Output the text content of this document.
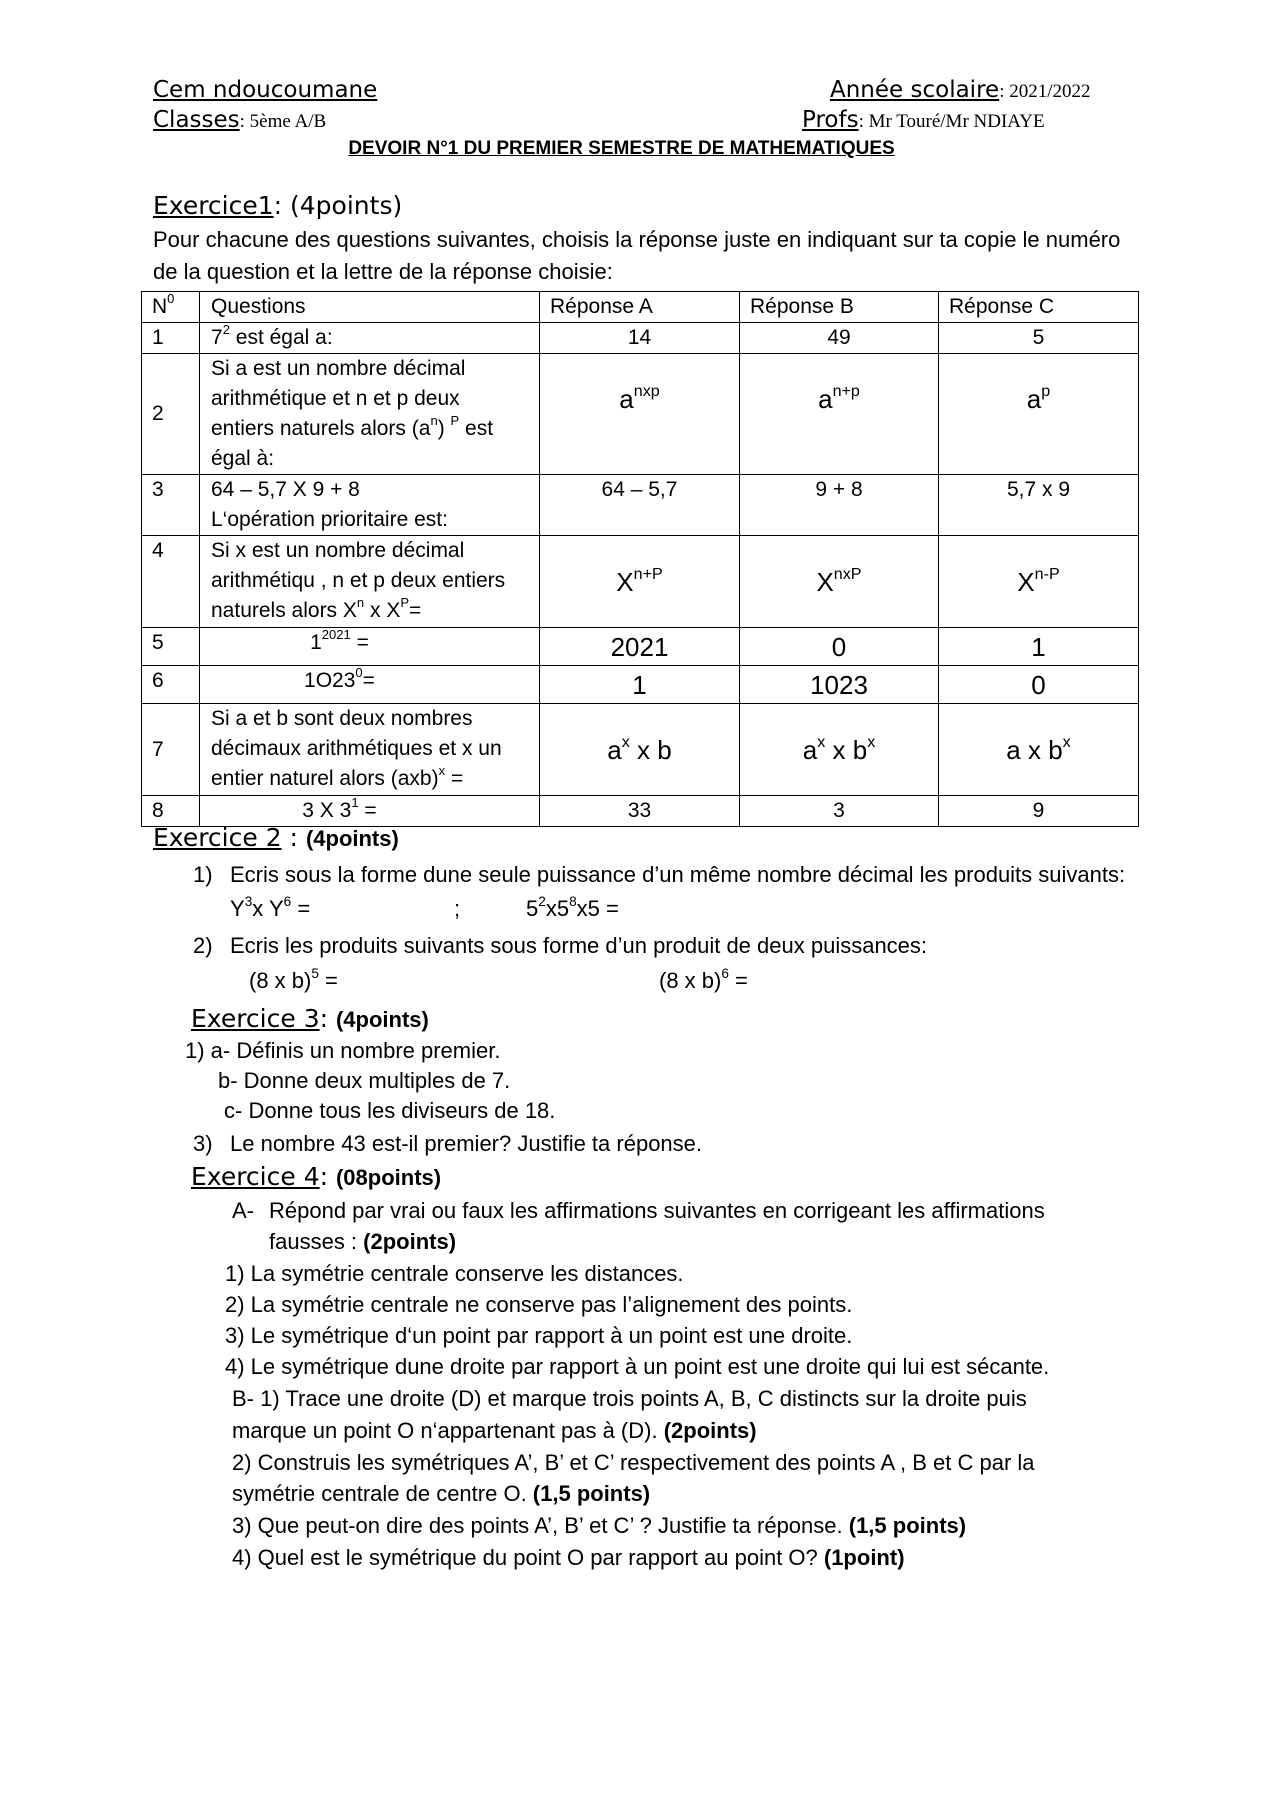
Cem ndoucoumane	Année scolaire: 2021/2022
Classes: 5ème A/B	Profs: Mr Touré/Mr NDIAYE
DEVOIR N°1 DU PREMIER SEMESTRE DE MATHEMATIQUES
Exercice1: (4points)
Pour chacune des questions suivantes, choisis la réponse juste en indiquant sur ta copie le numéro
de la question et la lettre de la réponse choisie:
$N^0$	Questions	Réponse A	Réponse B	Réponse C
1	$7^2$ est égal a:	14	49	5
2	Si a est un nombre décimal
arithmétique et n et p deux
entiers naturels alors $(a^n)$ $^P$ est
égal à:	$a^{nxp}$	$a^{n+p}$	$a^p$
3	64 – 5,7 X 9 + 8
L‘opération prioritaire est:	64 – 5,7	9 + 8	5,7 x 9
4	Si x est un nombre décimal
arithmétiqu , n et p deux entiers
naturels alors $X^n$ x $X^P=$	$X^{n+P}$	$X^{nxP}$	$X^{n-P}$
5	$1^{2021}$ =	2021	0	1
6	$1O23^0=$	1	1023	0
7	Si a et b sont deux nombres
décimaux arithmétiques et x un
entier naturel alors (axb)$^x$ =	$a^x$ x b	$a^x$ x $b^x$	a x $b^x$
8	3 X $3^1$ =	33	3	9
Exercice 2 : (4points)
1) Ecris sous la forme dune seule puissance d’un même nombre décimal les produits suivants:
$Y^3x$ $Y^6$ =	;	$5^2x5^8x5$ =
2) Ecris les produits suivants sous forme d’un produit de deux puissances:
(8 x b)$^5$ =	(8 x b)$^6$ =
Exercice 3: (4points)
1) a- Définis un nombre premier.
b- Donne deux multiples de 7.
c- Donne tous les diviseurs de 18.
3) Le nombre 43 est-il premier? Justifie ta réponse.
Exercice 4: (08points)
A- Répond par vrai ou faux les affirmations suivantes en corrigeant les affirmations
fausses : (2points)
1) La symétrie centrale conserve les distances.
2) La symétrie centrale ne conserve pas l’alignement des points.
3) Le symétrique d‘un point par rapport à un point est une droite.
4) Le symétrique dune droite par rapport à un point est une droite qui lui est sécante.
B- 1) Trace une droite (D) et marque trois points A, B, C distincts sur la droite puis
marque un point O n‘appartenant pas à (D). (2points)
2) Construis les symétriques A’, B’ et C’ respectivement des points A , B et C par la
symétrie centrale de centre O. (1,5 points)
3) Que peut-on dire des points A’, B’ et C’ ? Justifie ta réponse. (1,5 points)
4) Quel est le symétrique du point O par rapport au point O? (1point)
